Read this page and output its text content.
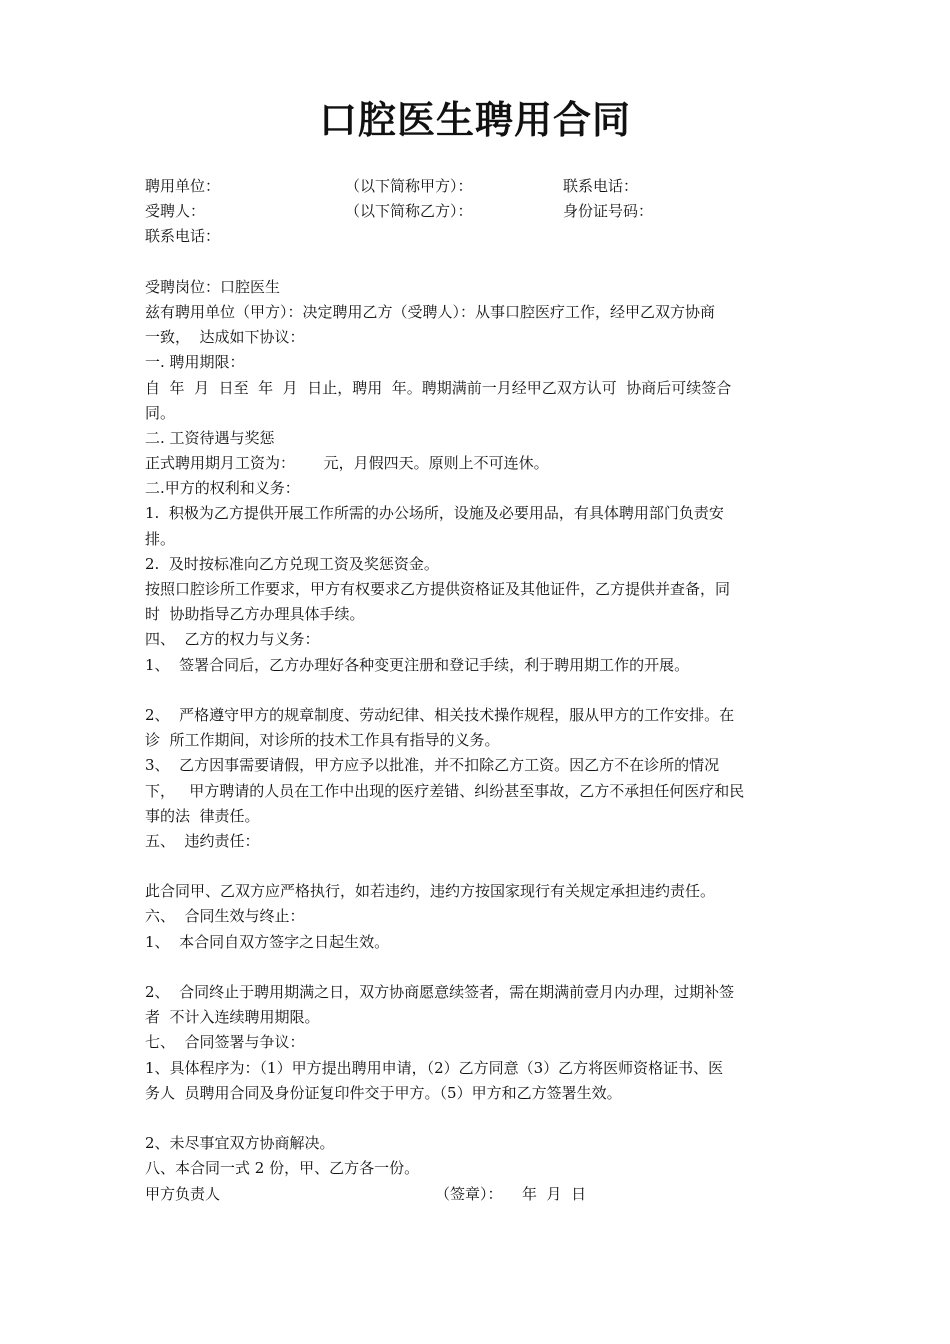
口腔医生聘用合同
聘用单位：	（以下简称甲方）：	联系电话：
受聘人：	（以下简称乙方）：	身份证号码：
联系电话：
受聘岗位：口腔医生
兹有聘用单位（甲方）：决定聘用乙方（受聘人）：从事口腔医疗工作，经甲乙双方协商
一致，  达成如下协议：
一. 聘用期限：
自  年  月  日至  年  月  日止，聘用  年。聘期满前一月经甲乙双方认可  协商后可续签合
同。
二. 工资待遇与奖惩
正式聘用期月工资为：      元，月假四天。原则上不可连休。
二.甲方的权利和义务：
1.  积极为乙方提供开展工作所需的办公场所，设施及必要用品，有具体聘用部门负责安
排。
2.  及时按标准向乙方兑现工资及奖惩资金。
按照口腔诊所工作要求，甲方有权要求乙方提供资格证及其他证件，乙方提供并查备，同
时  协助指导乙方办理具体手续。
四、  乙方的权力与义务：
1、  签署合同后，乙方办理好各种变更注册和登记手续，利于聘用期工作的开展。
2、  严格遵守甲方的规章制度、劳动纪律、相关技术操作规程，服从甲方的工作安排。在
诊  所工作期间，对诊所的技术工作具有指导的义务。
3、  乙方因事需要请假，甲方应予以批准，并不扣除乙方工资。因乙方不在诊所的情况
下，   甲方聘请的人员在工作中出现的医疗差错、纠纷甚至事故，乙方不承担任何医疗和民
事的法  律责任。
五、  违约责任：
此合同甲、乙双方应严格执行，如若违约，违约方按国家现行有关规定承担违约责任。
六、  合同生效与终止：
1、  本合同自双方签字之日起生效。
2、  合同终止于聘用期满之日，双方协商愿意续签者，需在期满前壹月内办理，过期补签
者  不计入连续聘用期限。
七、  合同签署与争议：
1、具体程序为：（1）甲方提出聘用申请，（2）乙方同意（3）乙方将医师资格证书、医
务人  员聘用合同及身份证复印件交于甲方。（5）甲方和乙方签署生效。
2、未尽事宜双方协商解决。
八、本合同一式 2 份，甲、乙方各一份。
甲方负责人	（签章）： 年  月  日
